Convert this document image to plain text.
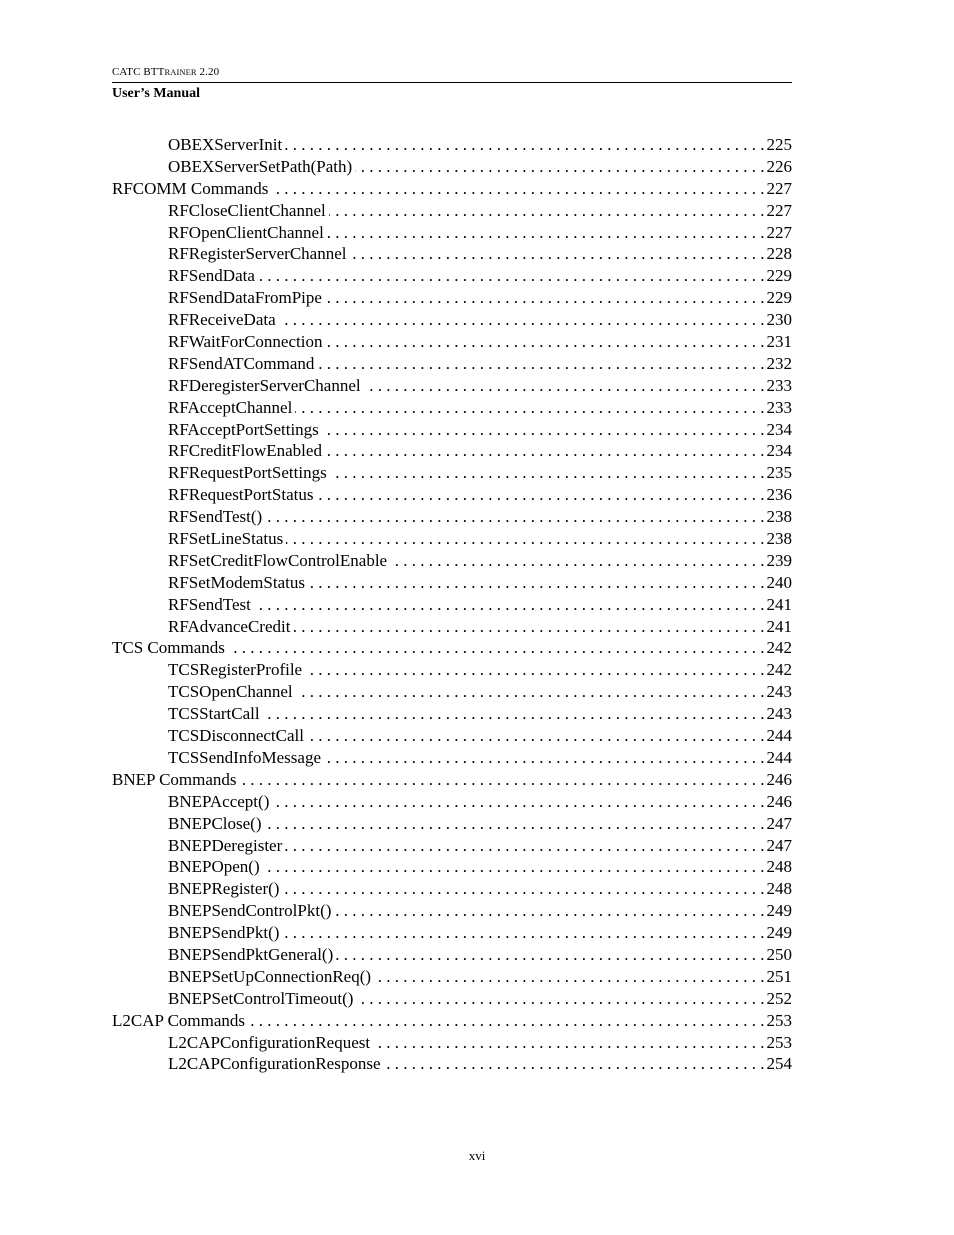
CATC BTTRAINER 2.20
User’s Manual
OBEXServerInit . . .	225
OBEXServerSetPath(Path) . . .	226
RFCOMM Commands . . .	227
RFCloseClientChannel . . .	227
RFOpenClientChannel . . .	227
RFRegisterServerChannel . . .	228
RFSendData . . .	229
RFSendDataFromPipe . . .	229
RFReceiveData . . .	230
RFWaitForConnection . . .	231
RFSendATCommand . . .	232
RFDeregisterServerChannel . . .	233
RFAcceptChannel . . .	233
RFAcceptPortSettings . . .	234
RFCreditFlowEnabled . . .	234
RFRequestPortSettings . . .	235
RFRequestPortStatus . . .	236
RFSendTest() . . .	238
RFSetLineStatus . . .	238
RFSetCreditFlowControlEnable . . .	239
RFSetModemStatus . . .	240
RFSendTest . . .	241
RFAdvanceCredit . . .	241
TCS Commands . . .	242
TCSRegisterProfile . . .	242
TCSOpenChannel . . .	243
TCSStartCall . . .	243
TCSDisconnectCall . . .	244
TCSSendInfoMessage . . .	244
BNEP Commands . . .	246
BNEPAccept() . . .	246
BNEPClose() . . .	247
BNEPDeregister . . .	247
BNEPOpen() . . .	248
BNEPRegister() . . .	248
BNEPSendControlPkt() . . .	249
BNEPSendPkt() . . .	249
BNEPSendPktGeneral() . . .	250
BNEPSetUpConnectionReq() . . .	251
BNEPSetControlTimeout() . . .	252
L2CAP Commands . . .	253
L2CAPConfigurationRequest . . .	253
L2CAPConfigurationResponse . . .	254
xvi
